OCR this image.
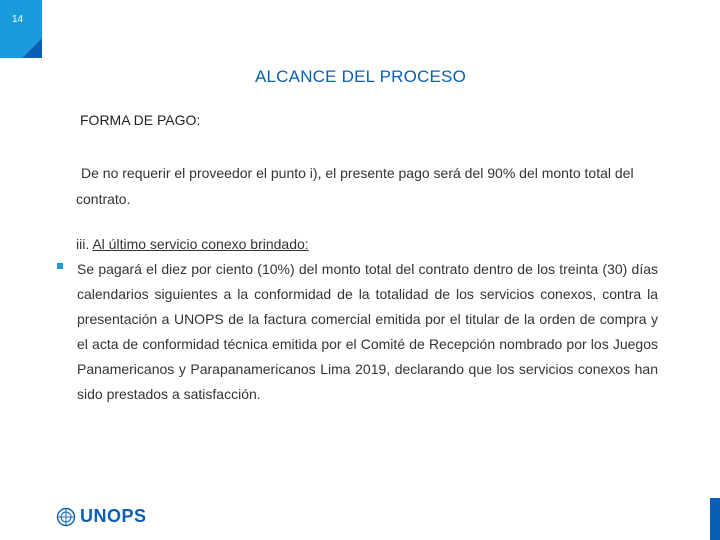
14
ALCANCE DEL PROCESO
FORMA DE PAGO:
De no requerir el proveedor el punto i), el presente pago será del 90% del monto total del contrato.
iii. Al último servicio conexo brindado:
Se pagará el diez por ciento (10%) del monto total del contrato dentro de los treinta (30) días calendarios siguientes a la conformidad de la totalidad de los servicios conexos, contra la presentación a UNOPS de la factura comercial emitida por el titular de la orden de compra y el acta de conformidad técnica emitida por el Comité de Recepción nombrado por los Juegos Panamericanos y Parapanamericanos Lima 2019, declarando que los servicios conexos han sido prestados a satisfacción.
UNOPS
